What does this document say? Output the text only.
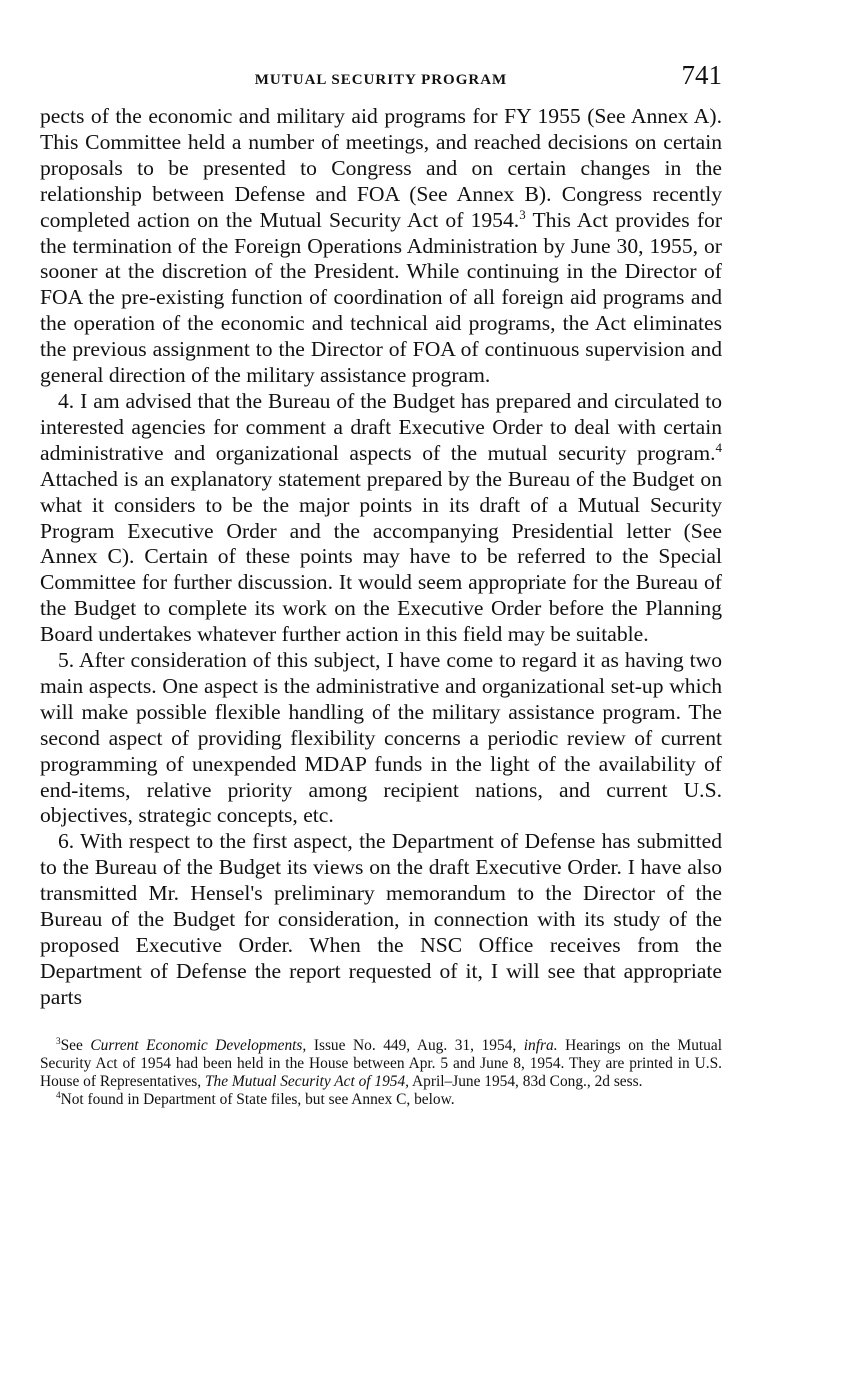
MUTUAL SECURITY PROGRAM	741

pects of the economic and military aid programs for FY 1955 (See Annex A). This Committee held a number of meetings, and reached decisions on certain proposals to be presented to Congress and on certain changes in the relationship between Defense and FOA (See Annex B). Congress recently completed action on the Mutual Security Act of 1954.$^3$ This Act provides for the termination of the Foreign Operations Administration by June 30, 1955, or sooner at the discretion of the President. While continuing in the Director of FOA the pre-existing function of coordination of all foreign aid programs and the operation of the economic and technical aid programs, the Act eliminates the previous assignment to the Director of FOA of continuous supervision and general direction of the military assistance program.

4. I am advised that the Bureau of the Budget has prepared and circulated to interested agencies for comment a draft Executive Order to deal with certain administrative and organizational aspects of the mutual security program.$^4$ Attached is an explanatory statement prepared by the Bureau of the Budget on what it considers to be the major points in its draft of a Mutual Security Program Executive Order and the accompanying Presidential letter (See Annex C). Certain of these points may have to be referred to the Special Committee for further discussion. It would seem appropriate for the Bureau of the Budget to complete its work on the Executive Order before the Planning Board undertakes whatever further action in this field may be suitable.

5. After consideration of this subject, I have come to regard it as having two main aspects. One aspect is the administrative and organizational set-up which will make possible flexible handling of the military assistance program. The second aspect of providing flexibility concerns a periodic review of current programming of unexpended MDAP funds in the light of the availability of end-items, relative priority among recipient nations, and current U.S. objectives, strategic concepts, etc.

6. With respect to the first aspect, the Department of Defense has submitted to the Bureau of the Budget its views on the draft Executive Order. I have also transmitted Mr. Hensel's preliminary memorandum to the Director of the Bureau of the Budget for consideration, in connection with its study of the proposed Executive Order. When the NSC Office receives from the Department of Defense the report requested of it, I will see that appropriate parts

$^3$See Current Economic Developments, Issue No. 449, Aug. 31, 1954, infra. Hearings on the Mutual Security Act of 1954 had been held in the House between Apr. 5 and June 8, 1954. They are printed in U.S. House of Representatives, The Mutual Security Act of 1954, April–June 1954, 83d Cong., 2d sess.

$^4$Not found in Department of State files, but see Annex C, below.
